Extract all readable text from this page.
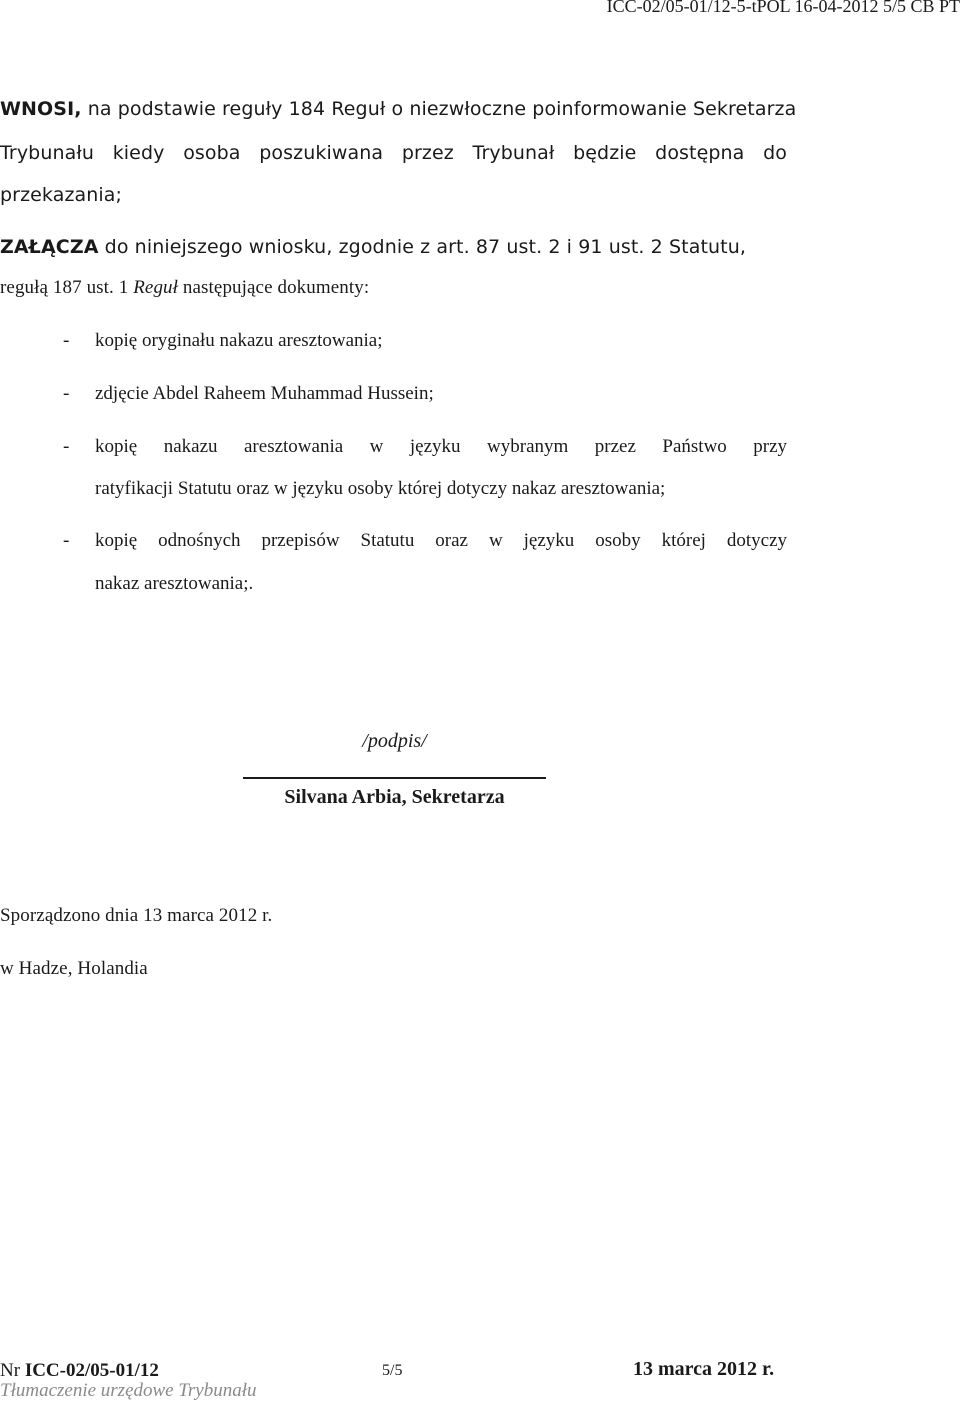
ICC-02/05-01/12-5-tPOL 16-04-2012 5/5 CB PT
WNOSI, na podstawie reguły 184 Reguł o niezwłoczne poinformowanie Sekretarza
Trybunału kiedy osoba poszukiwana przez Trybunał będzie dostępna do
przekazania;
ZAŁĄCZA do niniejszego wniosku, zgodnie z art. 87 ust. 2 i 91 ust. 2 Statutu,
regułą 187 ust. 1 Reguł następujące dokumenty:
- kopię oryginału nakazu aresztowania;
- zdjęcie Abdel Raheem Muhammad Hussein;
- kopię nakazu aresztowania w języku wybranym przez Państwo przy
ratyfikacji Statutu oraz w języku osoby której dotyczy nakaz aresztowania;
- kopię odnośnych przepisów Statutu oraz w języku osoby której dotyczy
nakaz aresztowania;.
/podpis/
Silvana Arbia, Sekretarza
Sporządzono dnia 13 marca 2012 r.
w Hadze, Holandia
Nr ICC-02/05-01/12	5/5	13 marca 2012 r.
Tłumaczenie urzędowe Trybunału
